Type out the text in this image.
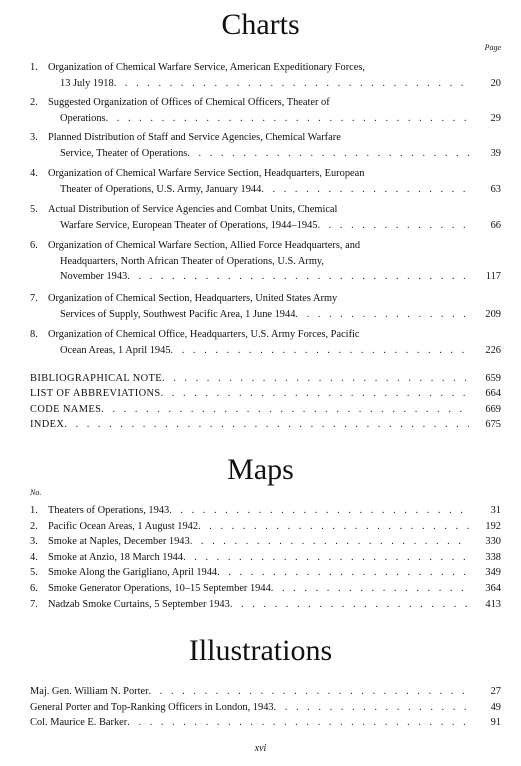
Charts
Page
1. Organization of Chemical Warfare Service, American Expeditionary Forces,
13 July 1918 . . .	20
2. Suggested Organization of Offices of Chemical Officers, Theater of
Operations . . .	29
3. Planned Distribution of Staff and Service Agencies, Chemical Warfare
Service, Theater of Operations . . .	39
4. Organization of Chemical Warfare Service Section, Headquarters, European
Theater of Operations, U.S. Army, January 1944 . . .	63
5. Actual Distribution of Service Agencies and Combat Units, Chemical
Warfare Service, European Theater of Operations, 1944–1945 . . .	66
6. Organization of Chemical Warfare Section, Allied Force Headquarters, and
Headquarters, North African Theater of Operations, U.S. Army,
November 1943 . . .	117
7. Organization of Chemical Section, Headquarters, United States Army
Services of Supply, Southwest Pacific Area, 1 June 1944 . . .	209
8. Organization of Chemical Office, Headquarters, U.S. Army Forces, Pacific
Ocean Areas, 1 April 1945 . . .	226
BIBLIOGRAPHICAL NOTE . . .	659
LIST OF ABBREVIATIONS . . .	664
CODE NAMES . . .	669
INDEX . . .	675
Maps
No.
1. Theaters of Operations, 1943 . . .	31
2. Pacific Ocean Areas, 1 August 1942 . . .	192
3. Smoke at Naples, December 1943 . . .	330
4. Smoke at Anzio, 18 March 1944 . . .	338
5. Smoke Along the Garigliano, April 1944 . . .	349
6. Smoke Generator Operations, 10–15 September 1944 . . .	364
7. Nadzab Smoke Curtains, 5 September 1943 . . .	413
Illustrations
Maj. Gen. William N. Porter . . .	27
General Porter and Top-Ranking Officers in London, 1943 . . .	49
Col. Maurice E. Barker . . .	91
xvi
